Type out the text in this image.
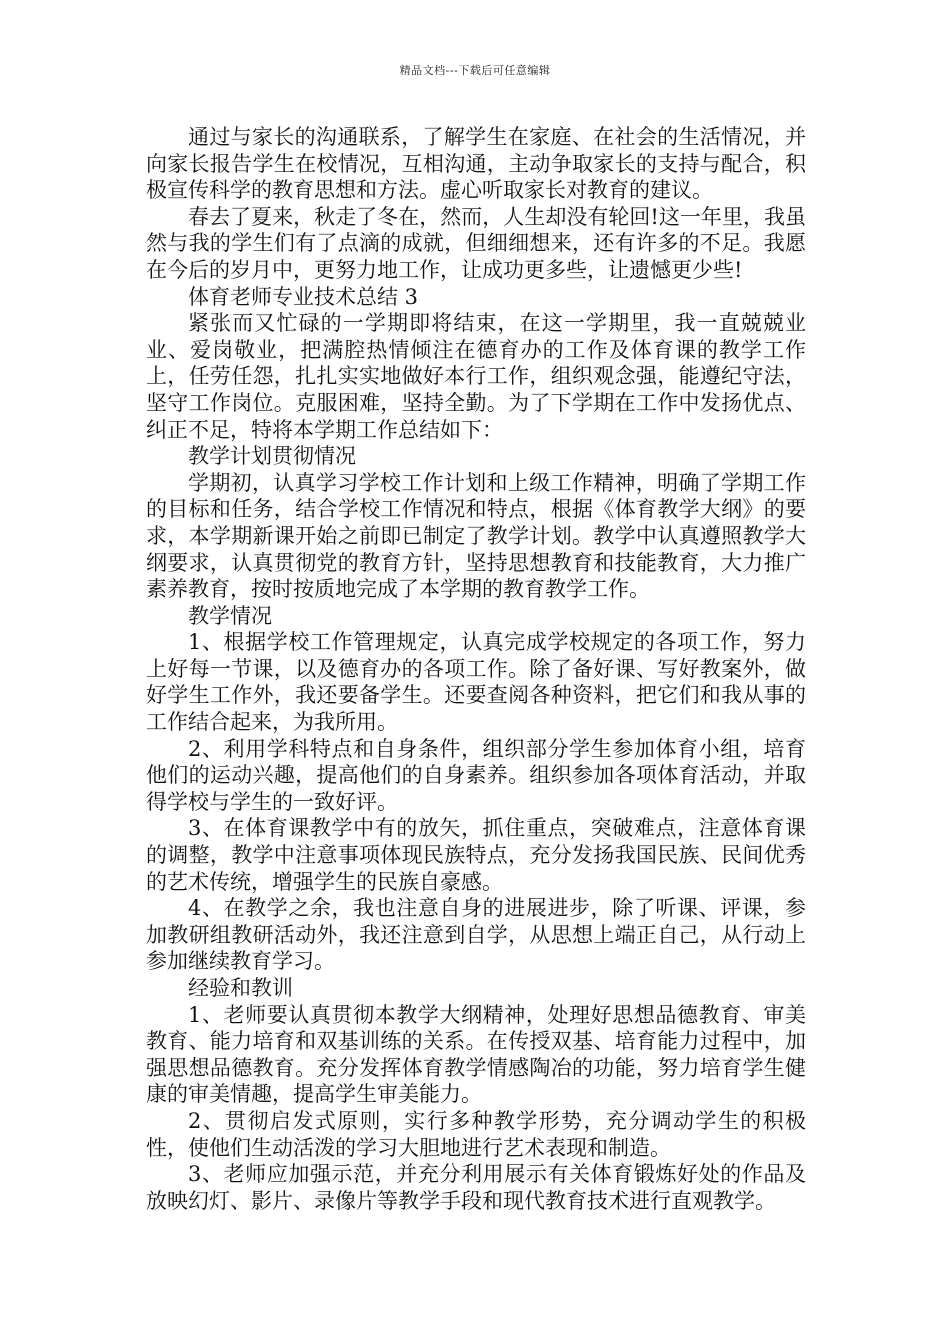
精品文档---下载后可任意编辑

通过与家长的沟通联系，了解学生在家庭、在社会的生活情况，并向家长报告学生在校情况，互相沟通，主动争取家长的支持与配合，积极宣传科学的教育思想和方法。虚心听取家长对教育的建议。

春去了夏来，秋走了冬在，然而，人生却没有轮回!这一年里，我虽然与我的学生们有了点滴的成就，但细细想来，还有许多的不足。我愿在今后的岁月中，更努力地工作，让成功更多些，让遗憾更少些!

体育老师专业技术总结 3

紧张而又忙碌的一学期即将结束，在这一学期里，我一直兢兢业业、爱岗敬业，把满腔热情倾注在德育办的工作及体育课的教学工作上，任劳任怨，扎扎实实地做好本行工作，组织观念强，能遵纪守法，坚守工作岗位。克服困难，坚持全勤。为了下学期在工作中发扬优点、纠正不足，特将本学期工作总结如下：

教学计划贯彻情况

学期初，认真学习学校工作计划和上级工作精神，明确了学期工作的目标和任务，结合学校工作情况和特点，根据《体育教学大纲》的要求，本学期新课开始之前即已制定了教学计划。教学中认真遵照教学大纲要求，认真贯彻党的教育方针，坚持思想教育和技能教育，大力推广素养教育，按时按质地完成了本学期的教育教学工作。

教学情况

1、根据学校工作管理规定，认真完成学校规定的各项工作，努力上好每一节课，以及德育办的各项工作。除了备好课、写好教案外，做好学生工作外，我还要备学生。还要查阅各种资料，把它们和我从事的工作结合起来，为我所用。

2、利用学科特点和自身条件，组织部分学生参加体育小组，培育他们的运动兴趣，提高他们的自身素养。组织参加各项体育活动，并取得学校与学生的一致好评。

3、在体育课教学中有的放矢，抓住重点，突破难点，注意体育课的调整，教学中注意事项体现民族特点，充分发扬我国民族、民间优秀的艺术传统，增强学生的民族自豪感。

4、在教学之余，我也注意自身的进展进步，除了听课、评课，参加教研组教研活动外，我还注意到自学，从思想上端正自己，从行动上参加继续教育学习。

经验和教训

1、老师要认真贯彻本教学大纲精神，处理好思想品德教育、审美教育、能力培育和双基训练的关系。在传授双基、培育能力过程中，加强思想品德教育。充分发挥体育教学情感陶冶的功能，努力培育学生健康的审美情趣，提高学生审美能力。

2、贯彻启发式原则，实行多种教学形势，充分调动学生的积极性，使他们生动活泼的学习大胆地进行艺术表现和制造。

3、老师应加强示范，并充分利用展示有关体育锻炼好处的作品及放映幻灯、影片、录像片等教学手段和现代教育技术进行直观教学。
